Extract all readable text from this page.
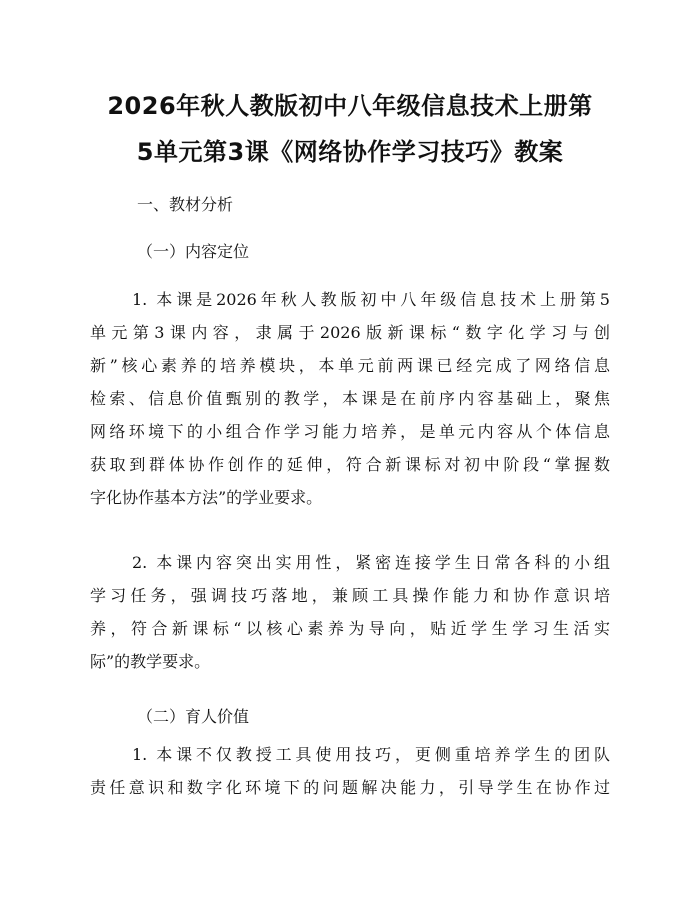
2026年秋人教版初中八年级信息技术上册第
5单元第3课《网络协作学习技巧》教案
一、教材分析
（一）内容定位
1. 本课是2026年秋人教版初中八年级信息技术上册第5
单元第3课内容，隶属于2026版新课标“数字化学习与创
新”核心素养的培养模块，本单元前两课已经完成了网络信息
检索、信息价值甄别的教学，本课是在前序内容基础上，聚焦
网络环境下的小组合作学习能力培养，是单元内容从个体信息
获取到群体协作创作的延伸，符合新课标对初中阶段“掌握数
字化协作基本方法”的学业要求。
2. 本课内容突出实用性，紧密连接学生日常各科的小组
学习任务，强调技巧落地，兼顾工具操作能力和协作意识培
养，符合新课标“以核心素养为导向，贴近学生学习生活实
际”的教学要求。
（二）育人价值
1. 本课不仅教授工具使用技巧，更侧重培养学生的团队
责任意识和数字化环境下的问题解决能力，引导学生在协作过
